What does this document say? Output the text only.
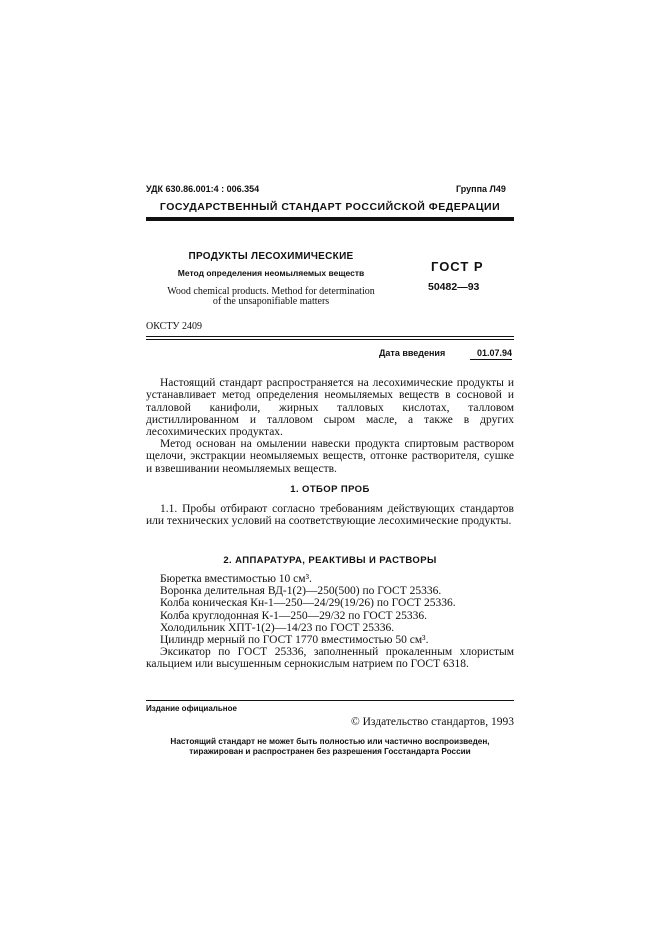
УДК 630.86.001:4 : 006.354	Группа Л49
ГОСУДАРСТВЕННЫЙ СТАНДАРТ РОССИЙСКОЙ ФЕДЕРАЦИИ
ПРОДУКТЫ ЛЕСОХИМИЧЕСКИЕ
Метод определения неомыляемых веществ
Wood chemical products. Method for determination
of the unsaponifiable matters
ГОСТ Р
50482—93
ОКСТУ 2409
Дата введения	01.07.94
Настоящий стандарт распространяется на лесохимические продукты и устанавливает метод определения неомыляемых веществ в сосновой и талловой канифоли, жирных талловых кислотах, талловом дистиллированном и талловом сыром масле, а также в других лесохимических продуктах.
Метод основан на омылении навески продукта спиртовым раствором щелочи, экстракции неомыляемых веществ, отгонке растворителя, сушке и взвешивании неомыляемых веществ.
1. ОТБОР ПРОБ
1.1. Пробы отбирают согласно требованиям действующих стандартов или технических условий на соответствующие лесохимические продукты.
2. АППАРАТУРА, РЕАКТИВЫ И РАСТВОРЫ
Бюретка вместимостью 10 см³.
Воронка делительная ВД-1(2)—250(500) по ГОСТ 25336.
Колба коническая Кн-1—250—24/29(19/26) по ГОСТ 25336.
Колба круглодонная К-1—250—29/32 по ГОСТ 25336.
Холодильник ХПТ-1(2)—14/23 по ГОСТ 25336.
Цилиндр мерный по ГОСТ 1770 вместимостью 50 см³.
Эксикатор по ГОСТ 25336, заполненный прокаленным хлористым кальцием или высушенным сернокислым натрием по ГОСТ 6318.
Издание официальное
© Издательство стандартов, 1993
Настоящий стандарт не может быть полностью или частично воспроизведен, тиражирован и распространен без разрешения Госстандарта России
